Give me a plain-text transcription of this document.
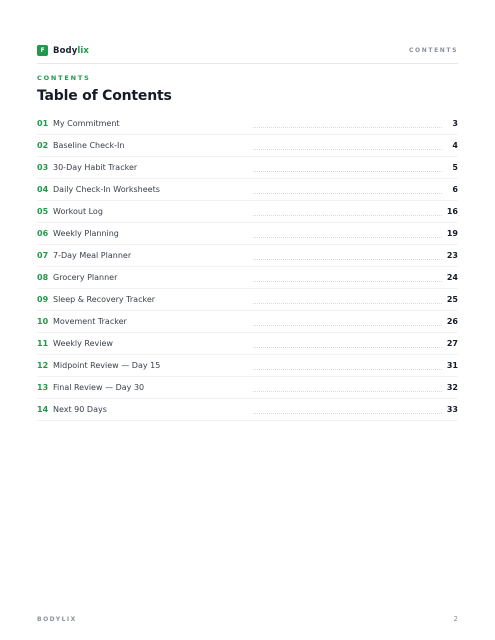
F Bodylix	CONTENTS
CONTENTS
Table of Contents
01 My Commitment	3
02 Baseline Check-In	4
03 30-Day Habit Tracker	5
04 Daily Check-In Worksheets	6
05 Workout Log	16
06 Weekly Planning	19
07 7-Day Meal Planner	23
08 Grocery Planner	24
09 Sleep & Recovery Tracker	25
10 Movement Tracker	26
11 Weekly Review	27
12 Midpoint Review — Day 15	31
13 Final Review — Day 30	32
14 Next 90 Days	33
BODYLIX	2
